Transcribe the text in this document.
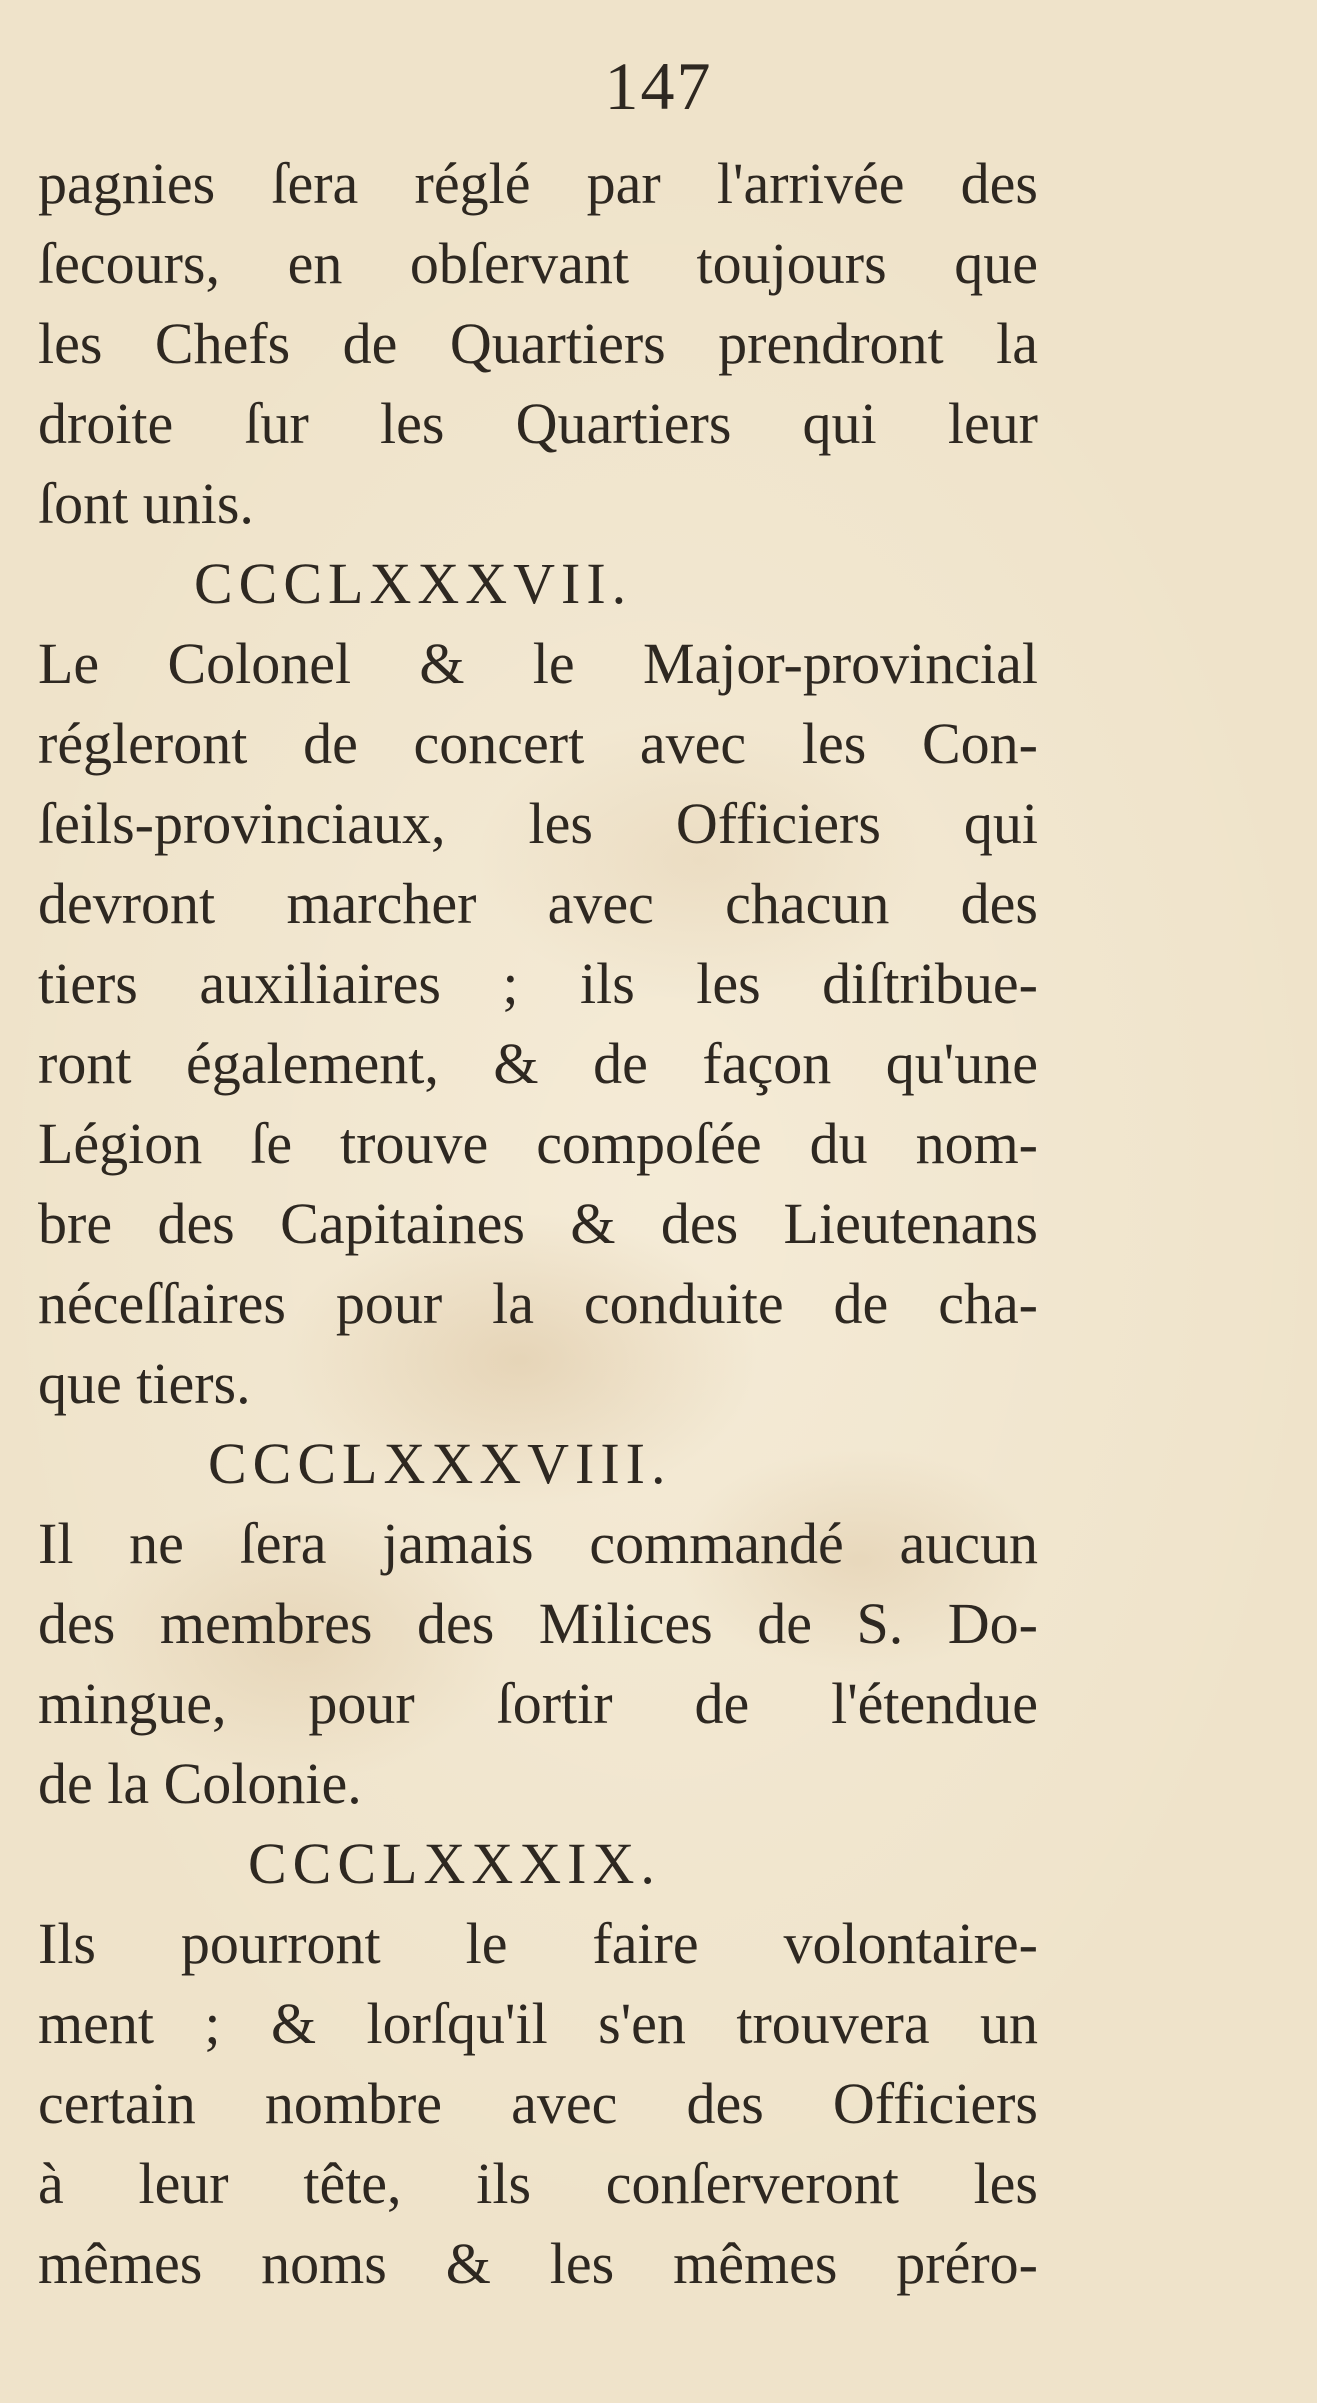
147
pagnies ſera réglé par l'arrivée des
ſecours, en obſervant toujours que
les Chefs de Quartiers prendront la
droite ſur les Quartiers qui leur
ſont unis.
CCCLXXXVII.
Le Colonel & le Major-provincial
régleront de concert avec les Con-
ſeils-provinciaux, les Officiers qui
devront marcher avec chacun des
tiers auxiliaires ; ils les diſtribue-
ront également, & de façon qu'une
Légion ſe trouve compoſée du nom-
bre des Capitaines & des Lieutenans
néceſſaires pour la conduite de cha-
que tiers.
CCCLXXXVIII.
Il ne ſera jamais commandé aucun
des membres des Milices de S. Do-
mingue, pour ſortir de l'étendue
de la Colonie.
CCCLXXXIX.
Ils pourront le faire volontaire-
ment ; & lorſqu'il s'en trouvera un
certain nombre avec des Officiers
à leur tête, ils conſerveront les
mêmes noms & les mêmes préro-
